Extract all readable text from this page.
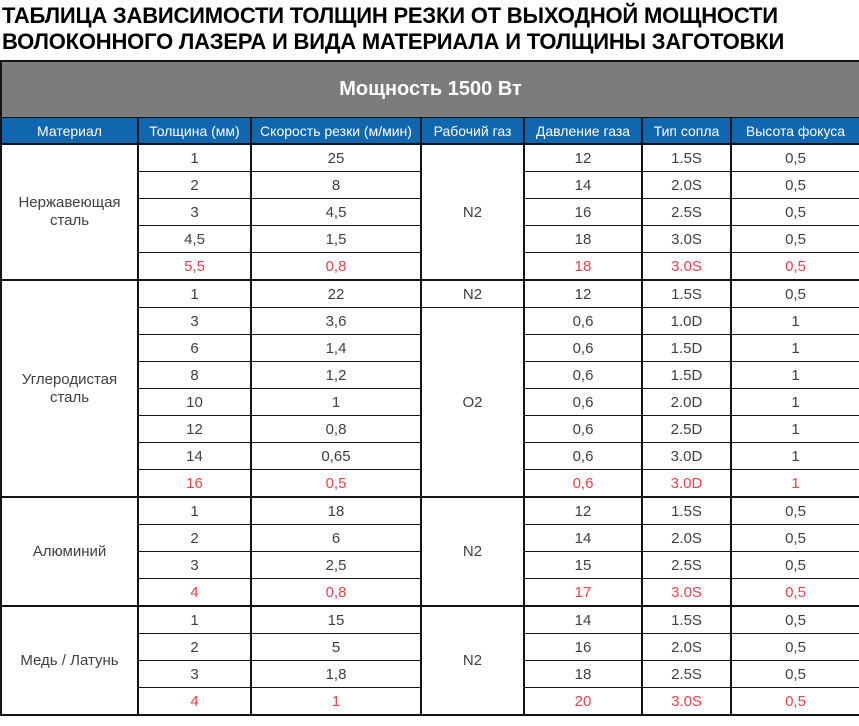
ТАБЛИЦА ЗАВИСИМОСТИ ТОЛЩИН РЕЗКИ ОТ ВЫХОДНОЙ МОЩНОСТИ
ВОЛОКОННОГО ЛАЗЕРА И ВИДА МАТЕРИАЛА И ТОЛЩИНЫ ЗАГОТОВКИ
Мощность 1500 Вт						
Материал	Толщина (мм)	Скорость резки (м/мин)	Рабочий газ	Давление газа	Тип сопла	Высота фокуса
Нержавеющая сталь	1	25	N2	12	1.5S	0,5
	2	8		14	2.0S	0,5
	3	4,5		16	2.5S	0,5
	4,5	1,5		18	3.0S	0,5
	5,5	0,8		18	3.0S	0,5
Углеродистая сталь	1	22	N2	12	1.5S	0,5
	3	3,6	O2	0,6	1.0D	1
	6	1,4		0,6	1.5D	1
	8	1,2		0,6	1.5D	1
	10	1		0,6	2.0D	1
	12	0,8		0,6	2.5D	1
	14	0,65		0,6	3.0D	1
	16	0,5		0,6	3.0D	1
Алюминий	1	18	N2	12	1.5S	0,5
	2	6		14	2.0S	0,5
	3	2,5		15	2.5S	0,5
	4	0,8		17	3.0S	0,5
Медь / Латунь	1	15	N2	14	1.5S	0,5
	2	5		16	2.0S	0,5
	3	1,8		18	2.5S	0,5
	4	1		20	3.0S	0,5
